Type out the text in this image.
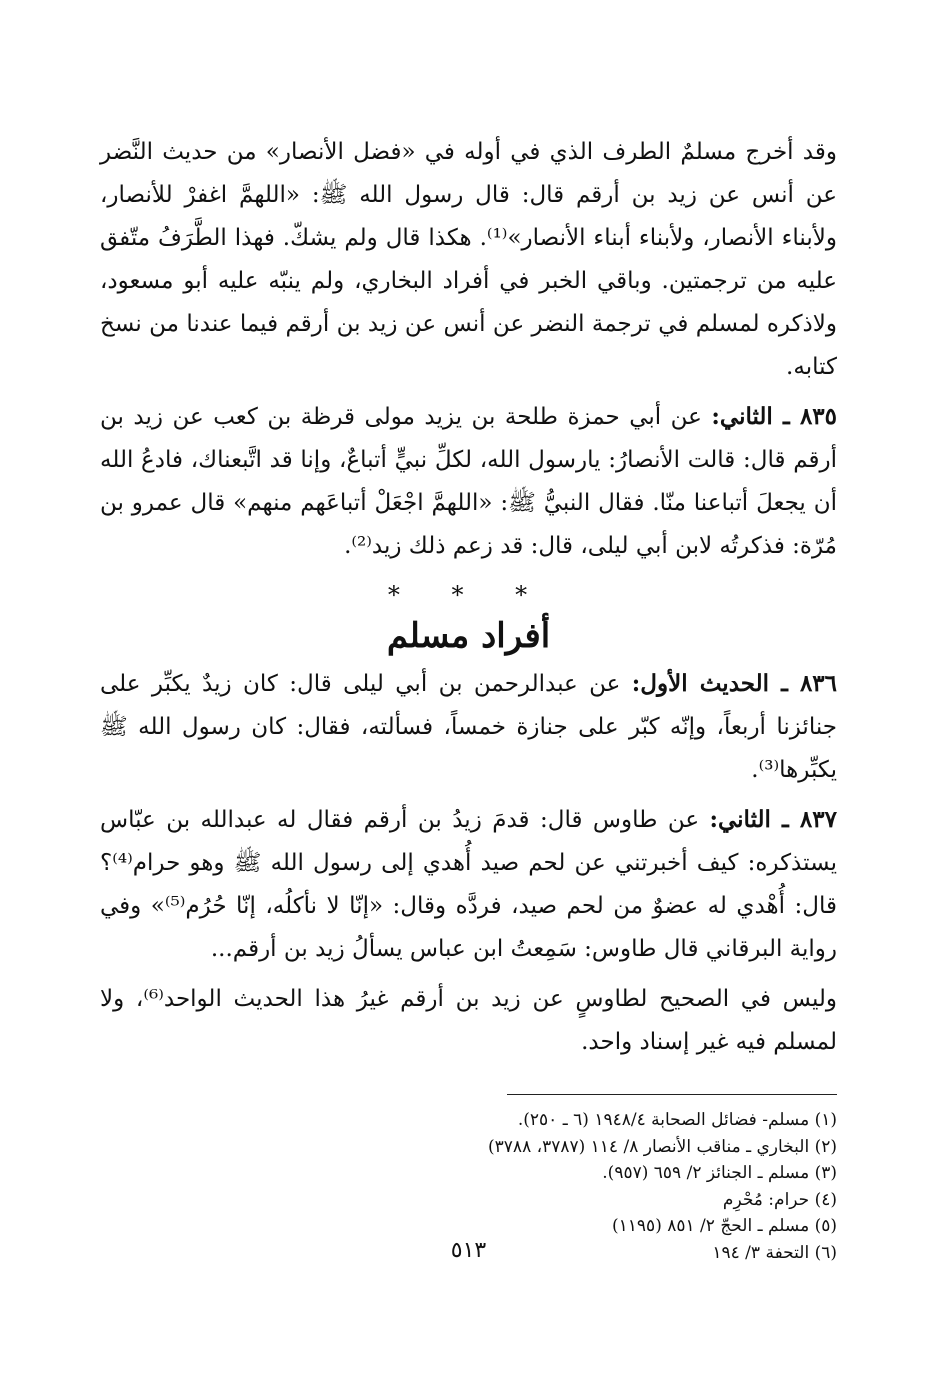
وقد أخرج مسلمٌ الطرف الذي في أوله في «فضل الأنصار» من حديث النَّضر عن أنس عن زيد بن أرقم قال: قال رسول الله ﷺ: «اللهمَّ اغفرْ للأنصار، ولأبناء الأنصار، ولأبناء أبناء الأنصار»⁽¹⁾. هكذا قال ولم يشكّ. فهذا الطَّرَفُ متّفق عليه من ترجمتين. وباقي الخبر في أفراد البخاري، ولم ينبّه عليه أبو مسعود، ولاذكره لمسلم في ترجمة النضر عن أنس عن زيد بن أرقم فيما عندنا من نسخ كتابه.

٨٣٥ ـ الثاني: عن أبي حمزة طلحة بن يزيد مولى قرظة بن كعب عن زيد بن أرقم قال: قالت الأنصارُ: يارسول الله، لكلِّ نبيٍّ أتباعٌ، وإنا قد اتَّبعناك، فادعُ الله أن يجعلَ أتباعنا منّا. فقال النبيُّ ﷺ: «اللهمَّ اجْعَلْ أتباعَهم منهم» قال عمرو بن مُرّة: فذكرتُه لابن أبي ليلى، قال: قد زعم ذلك زيد⁽²⁾.

* * *
أفراد مسلم

٨٣٦ ـ الحديث الأول: عن عبدالرحمن بن أبي ليلى قال: كان زيدٌ يكبِّر على جنائزنا أربعاً، وإنّه كبّر على جنازة خمساً، فسألته، فقال: كان رسول الله ﷺ يكبِّرها⁽³⁾.

٨٣٧ ـ الثاني: عن طاوس قال: قدمَ زيدُ بن أرقم فقال له عبدالله بن عبّاس يستذكره: كيف أخبرتني عن لحم صيد أُهدي إلى رسول الله ﷺ وهو حرام⁽⁴⁾؟ قال: أُهْدي له عضوٌ من لحم صيد، فردَّه وقال: «إنّا لا نأكلُه، إنّا حُرُم⁽⁵⁾» وفي رواية البرقاني قال طاوس: سَمِعتُ ابن عباس يسألُ زيد بن أرقم...

وليس في الصحيح لطاوسٍ عن زيد بن أرقم غيرُ هذا الحديث الواحد⁽⁶⁾، ولا لمسلم فيه غير إسناد واحد.

(١) مسلم- فضائل الصحابة ١٩٤٨/٤ (٦ ـ ٢٥٠).

(٢) البخاري ـ مناقب الأنصار ٨/ ١١٤ (٣٧٨٧، ٣٧٨٨)

(٣) مسلم ـ الجنائز ٢/ ٦٥٩ (٩٥٧).

(٤) حرام: مُحْرِم

(٥) مسلم ـ الحجّ ٢/ ٨٥١ (١١٩٥)

(٦) التحفة ٣/ ١٩٤

٥١٣
